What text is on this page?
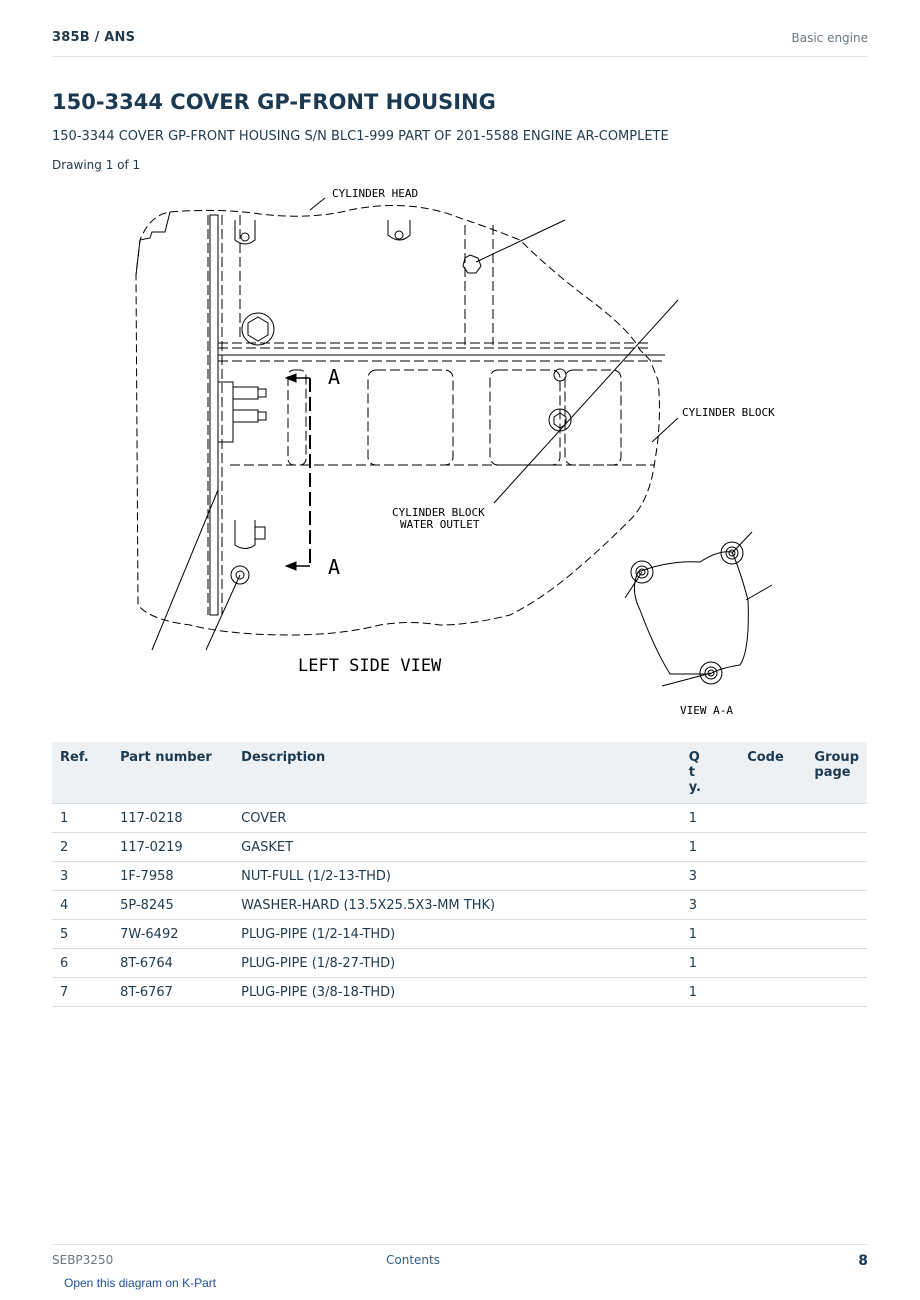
385B / ANS	Basic engine
150-3344 COVER GP-FRONT HOUSING
150-3344 COVER GP-FRONT HOUSING S/N BLC1-999 PART OF 201-5588 ENGINE AR-COMPLETE
Drawing 1 of 1
CYLINDER HEAD
CYLINDER BLOCK
CYLINDER BLOCK
WATER OUTLET
A
A
LEFT SIDE VIEW
VIEW A-A
Ref.	Part number	Description	Qty.	Code	Group page
1	117-0218	COVER	1		
2	117-0219	GASKET	1		
3	1F-7958	NUT-FULL (1/2-13-THD)	3		
4	5P-8245	WASHER-HARD (13.5X25.5X3-MM THK)	3		
5	7W-6492	PLUG-PIPE (1/2-14-THD)	1		
6	8T-6764	PLUG-PIPE (1/8-27-THD)	1		
7	8T-6767	PLUG-PIPE (3/8-18-THD)	1		
SEBP3250	Contents	8
Open this diagram on K-Part
